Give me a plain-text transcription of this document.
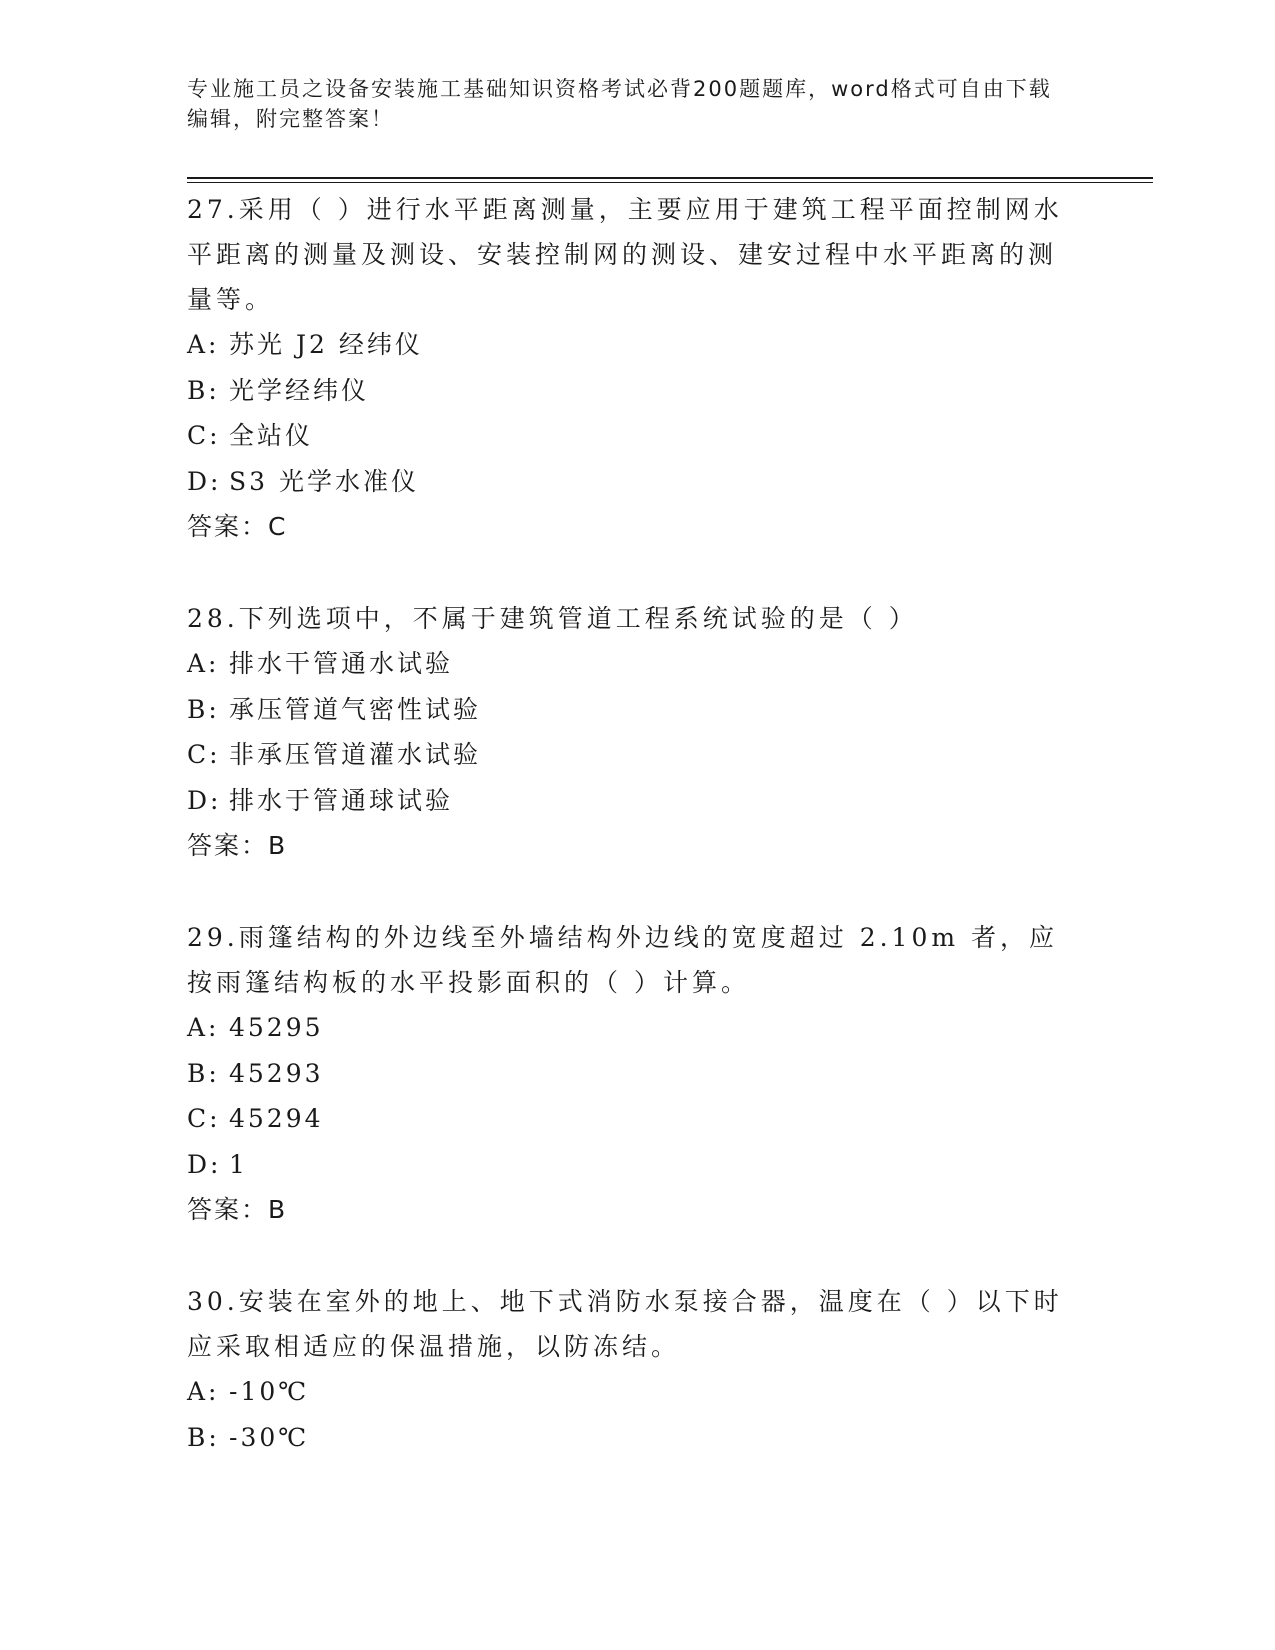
专业施工员之设备安装施工基础知识资格考试必背200题题库，word格式可自由下载编辑，附完整答案！

27.采用（ ）进行水平距离测量，主要应用于建筑工程平面控制网水平距离的测量及测设、安装控制网的测设、建安过程中水平距离的测量等。

A: 苏光 J2 经纬仪

B: 光学经纬仪

C: 全站仪

D: S3 光学水准仪

答案：C

28.下列选项中，不属于建筑管道工程系统试验的是（ ）

A: 排水干管通水试验

B: 承压管道气密性试验

C: 非承压管道灌水试验

D: 排水于管通球试验

答案：B

29.雨篷结构的外边线至外墙结构外边线的宽度超过 2.10m 者，应按雨篷结构板的水平投影面积的（ ）计算。

A: 45295

B: 45293

C: 45294

D: 1

答案：B

30.安装在室外的地上、地下式消防水泵接合器，温度在（ ）以下时应采取相适应的保温措施，以防冻结。

A: -10℃

B: -30℃
